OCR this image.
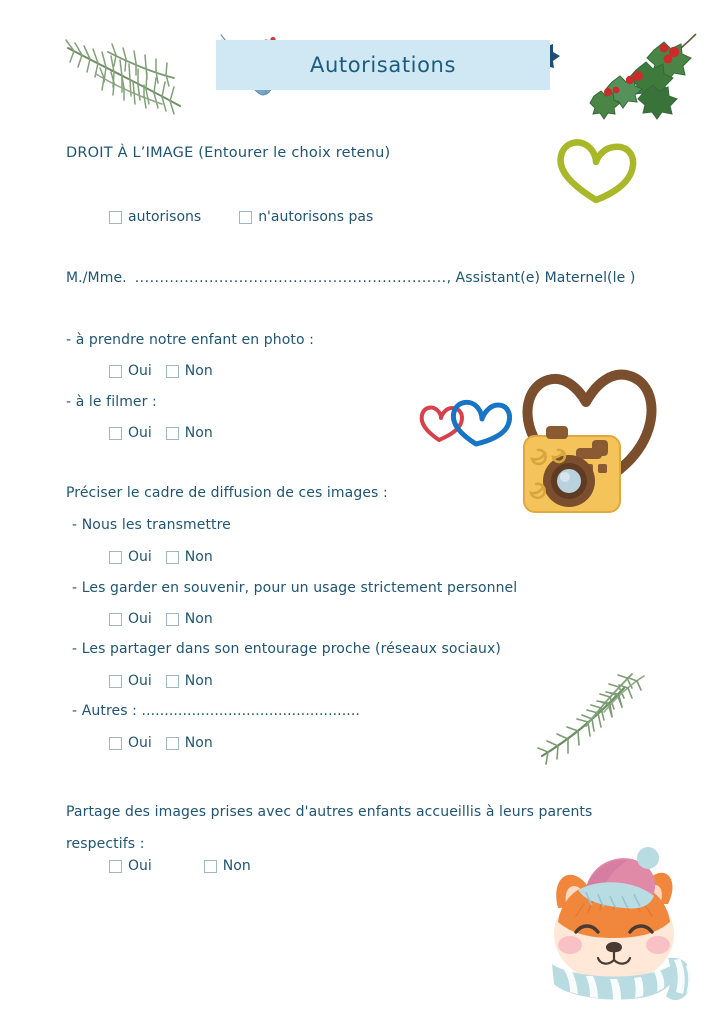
DROIT À L’IMAGE (Entourer le choix retenu)
autorisons	n'autorisons pas
M./Mme. ..............................................................., Assistant(e) Maternel(le )
- à prendre notre enfant en photo :
Oui Non
- à le filmer :
Oui Non
Préciser le cadre de diffusion de ces images :
- Nous les transmettre
Oui Non
- Les garder en souvenir, pour un usage strictement personnel
Oui Non
- Les partager dans son entourage proche (réseaux sociaux)
Oui Non
- Autres : ................................................
Oui Non
Partage des images prises avec d'autres enfants accueillis à leurs parents respectifs :
Oui	Non
Autorisations
